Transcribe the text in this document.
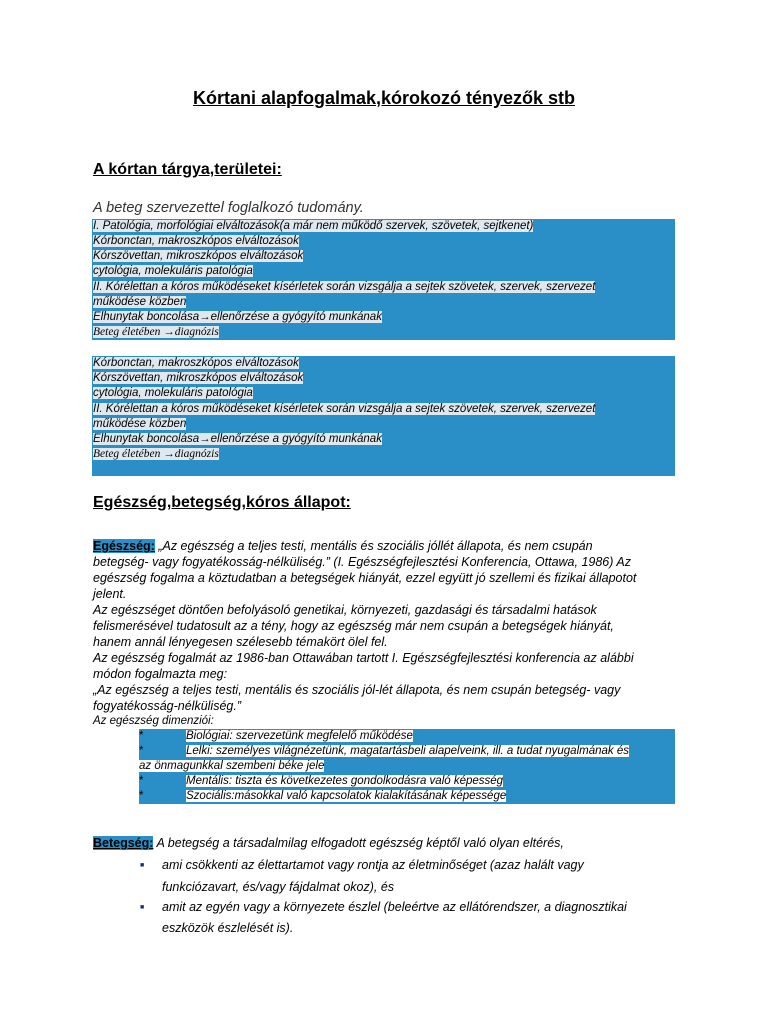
Kórtani alapfogalmak,kórokozó tényezők stb
A kórtan tárgya,területei:
A beteg szervezettel foglalkozó tudomány.
I. Patológia, morfológiai elváltozások(a már nem működő szervek, szövetek, sejtkenet)
Kórbonctan, makroszkópos elváltozások
Kórszövettan, mikroszkópos elváltozások
cytológia, molekuláris patológia
II. Kórélettan a kóros működéseket kísérletek során vizsgálja a sejtek szövetek, szervek, szervezet
működése közben
Elhunytak boncolása→ellenőrzése a gyógyító munkának
Beteg életében →diagnózis
Kórbonctan, makroszkópos elváltozások
Kórszövettan, mikroszkópos elváltozások
cytológia, molekuláris patológia
II. Kórélettan a kóros működéseket kísérletek során vizsgálja a sejtek szövetek, szervek, szervezet
működése közben
Elhunytak boncolása→ellenőrzése a gyógyító munkának
Beteg életében →diagnózis
Egészség,betegség,kóros állapot:
Egészség: „Az egészség a teljes testi, mentális és szociális jóllét állapota, és nem csupán
betegség- vagy fogyatékosság-nélküliség.” (I. Egészségfejlesztési Konferencia, Ottawa, 1986) Az
egészség fogalma a köztudatban a betegségek hiányát, ezzel együtt jó szellemi és fizikai állapotot
jelent.
Az egészséget döntően befolyásoló genetikai, környezeti, gazdasági és társadalmi hatások
felismerésével tudatosult az a tény, hogy az egészség már nem csupán a betegségek hiányát,
hanem annál lényegesen szélesebb témakört ölel fel.
Az egészség fogalmát az 1986-ban Ottawában tartott I. Egészségfejlesztési konferencia az alábbi
módon fogalmazta meg:
„Az egészség a teljes testi, mentális és szociális jól-lét állapota, és nem csupán betegség- vagy
fogyatékosság-nélküliség.”
Az egészség dimenziói:
*	Biológiai: szervezetünk megfelelő működése
*	Lelki: személyes világnézetünk, magatartásbeli alapelveink, ill. a tudat nyugalmának és
az önmagunkkal szembeni béke jele
*	Mentális: tiszta és következetes gondolkodásra való képesség
*	Szociális:másokkal való kapcsolatok kialakításának képessége
Betegség: A betegség a társadalmilag elfogadott egészség képtől való olyan eltérés,
■ ami csökkenti az élettartamot vagy rontja az életminőséget (azaz halált vagy
funkciózavart, és/vagy fájdalmat okoz), és
■ amit az egyén vagy a környezete észlel (beleértve az ellátórendszer, a diagnosztikai
eszközök észlelését is).
